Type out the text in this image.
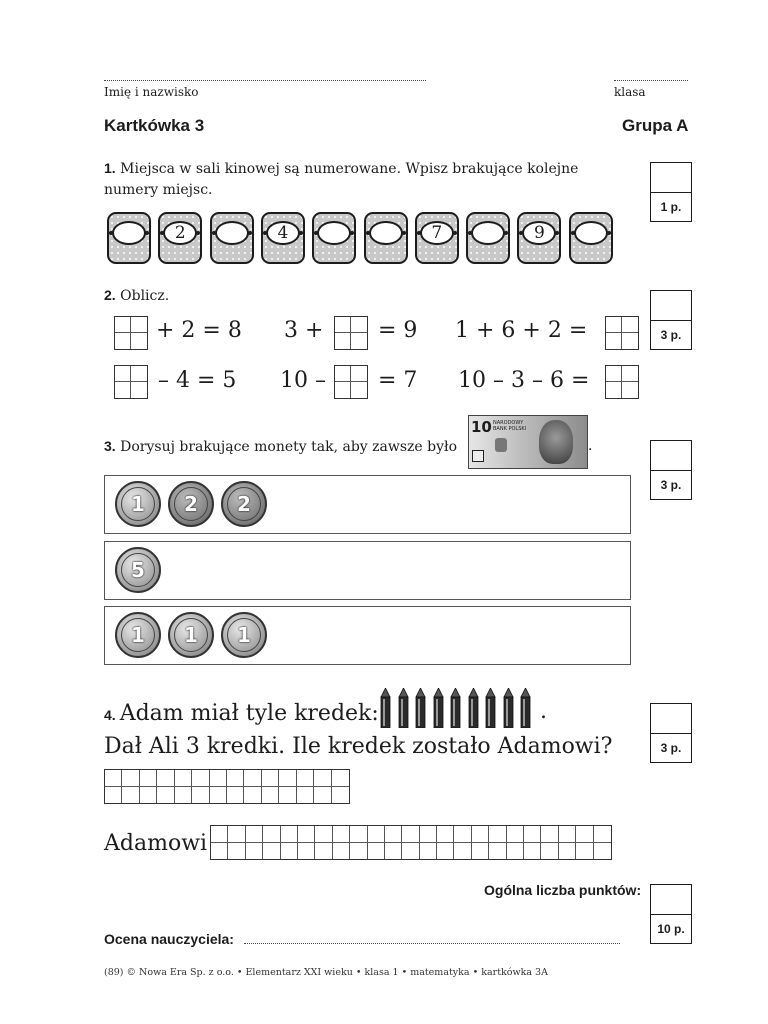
Imię i nazwisko	klasa
Kartkówka 3	Grupa A
1. Miejsca w sali kinowej są numerowane. Wpisz brakujące kolejne
numery miejsc.
1 p.
2	4	7	9
2. Oblicz.
3 p.
+ 2 = 8 3 + = 9 1 + 6 + 2 =
– 4 = 5 10 – = 7 10 – 3 – 6 =
3. Dorysuj brakujące monety tak, aby zawsze było
10 NARODOWY BANK POLSKI
.
3 p.
1	2	2
5
1	1	1
4. Adam miał tyle kredek:	.
Dał Ali 3 kredki. Ile kredek zostało Adamowi?	3 p.
Adamowi
Ogólna liczba punktów:
10 p.
Ocena nauczyciela:
(89) © Nowa Era Sp. z o.o. • Elementarz XXI wieku • klasa 1 • matematyka • kartkówka 3A
